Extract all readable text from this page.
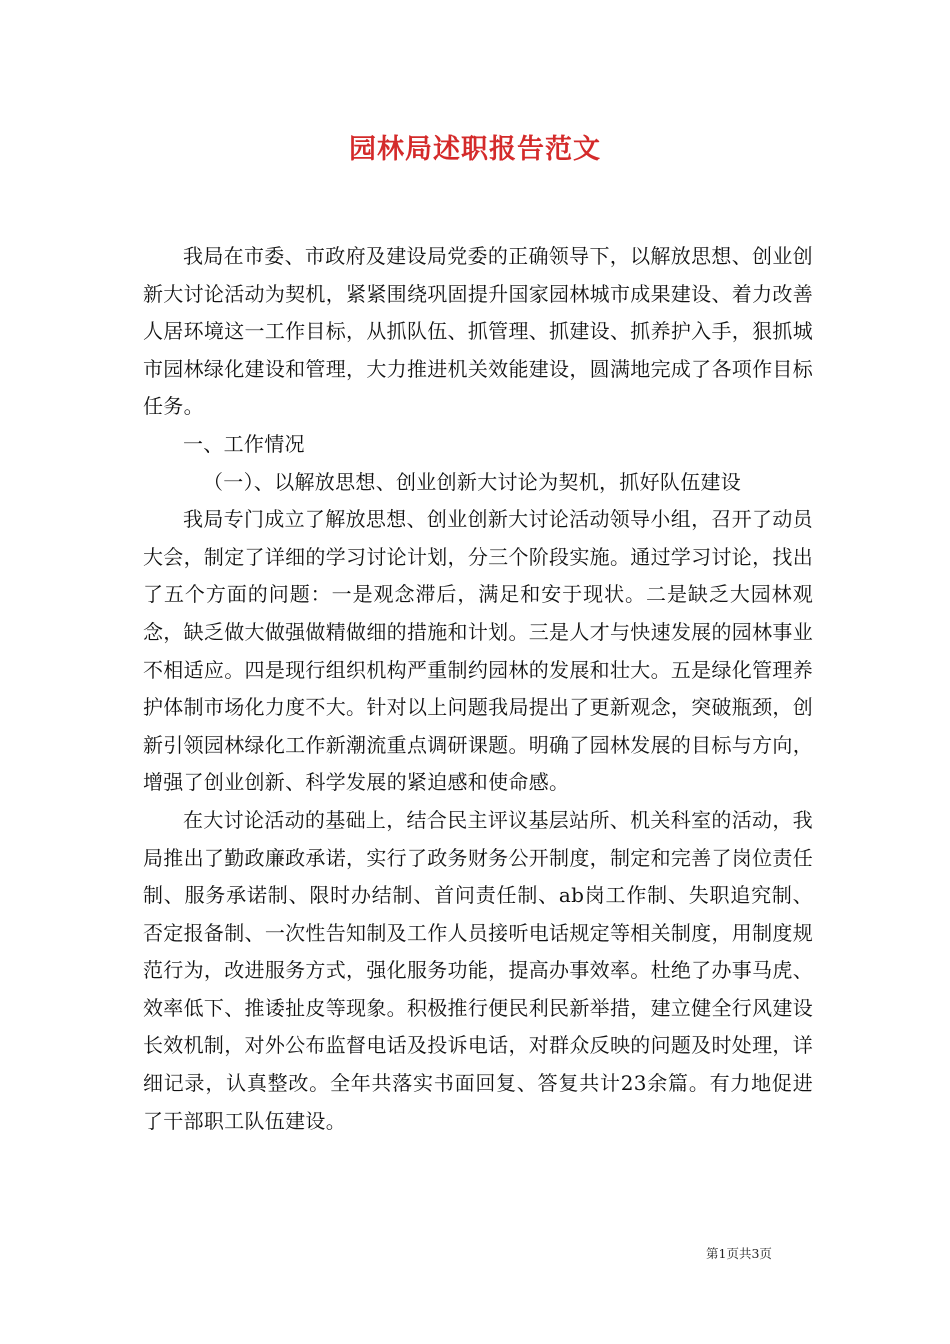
园林局述职报告范文

我局在市委、市政府及建设局党委的正确领导下，以解放思想、创业创新大讨论活动为契机，紧紧围绕巩固提升国家园林城市成果建设、着力改善人居环境这一工作目标，从抓队伍、抓管理、抓建设、抓养护入手，狠抓城市园林绿化建设和管理，大力推进机关效能建设，圆满地完成了各项作目标任务。

一、工作情况

（一）、以解放思想、创业创新大讨论为契机，抓好队伍建设

我局专门成立了解放思想、创业创新大讨论活动领导小组，召开了动员大会，制定了详细的学习讨论计划，分三个阶段实施。通过学习讨论，找出了五个方面的问题：一是观念滞后，满足和安于现状。二是缺乏大园林观念，缺乏做大做强做精做细的措施和计划。三是人才与快速发展的园林事业不相适应。四是现行组织机构严重制约园林的发展和壮大。五是绿化管理养护体制市场化力度不大。针对以上问题我局提出了更新观念，突破瓶颈，创新引领园林绿化工作新潮流重点调研课题。明确了园林发展的目标与方向，增强了创业创新、科学发展的紧迫感和使命感。

在大讨论活动的基础上，结合民主评议基层站所、机关科室的活动，我局推出了勤政廉政承诺，实行了政务财务公开制度，制定和完善了岗位责任制、服务承诺制、限时办结制、首问责任制、ab岗工作制、失职追究制、否定报备制、一次性告知制及工作人员接听电话规定等相关制度，用制度规范行为，改进服务方式，强化服务功能，提高办事效率。杜绝了办事马虎、效率低下、推诿扯皮等现象。积极推行便民利民新举措，建立健全行风建设长效机制，对外公布监督电话及投诉电话，对群众反映的问题及时处理，详细记录，认真整改。全年共落实书面回复、答复共计23余篇。有力地促进了干部职工队伍建设。

第1页共3页
